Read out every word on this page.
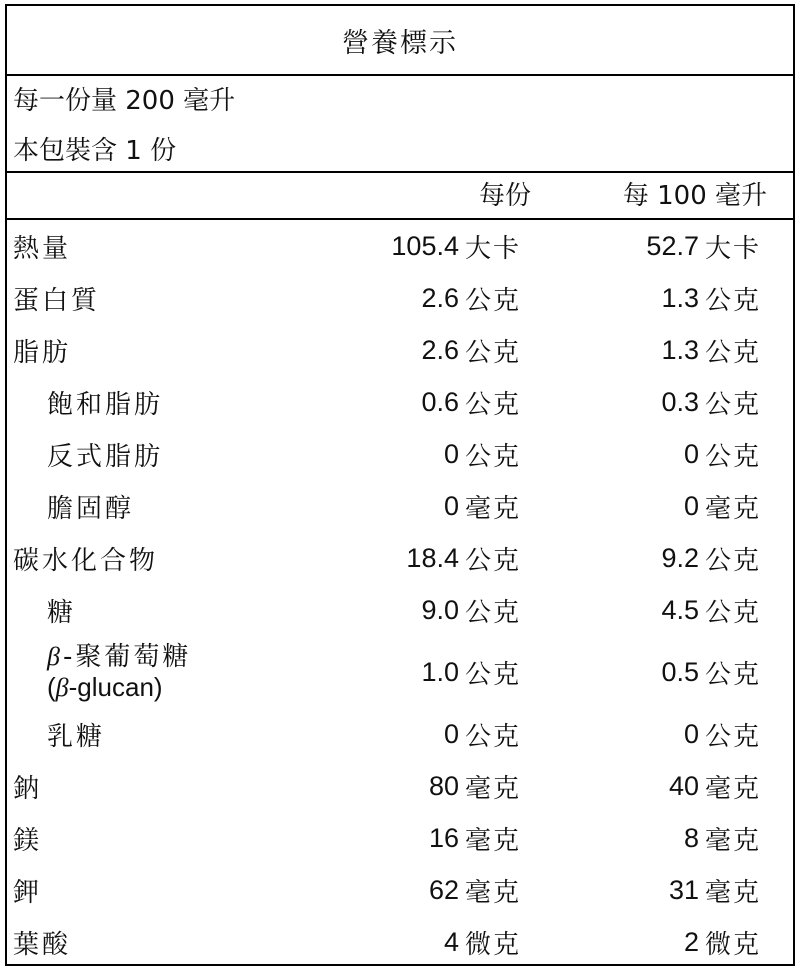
營養標示
每一份量 200 毫升
本包裝含 1 份
每份	每 100 毫升
熱量	105.4 大卡	52.7 大卡
蛋白質	2.6 公克	1.3 公克
脂肪	2.6 公克	1.3 公克
飽和脂肪	0.6 公克	0.3 公克
反式脂肪	0 公克	0 公克
膽固醇	0 毫克	0 毫克
碳水化合物	18.4 公克	9.2 公克
糖	9.0 公克	4.5 公克
β-聚葡萄糖
(β-glucan)	1.0 公克	0.5 公克
乳糖	0 公克	0 公克
鈉	80 毫克	40 毫克
鎂	16 毫克	8 毫克
鉀	62 毫克	31 毫克
葉酸	4 微克	2 微克
